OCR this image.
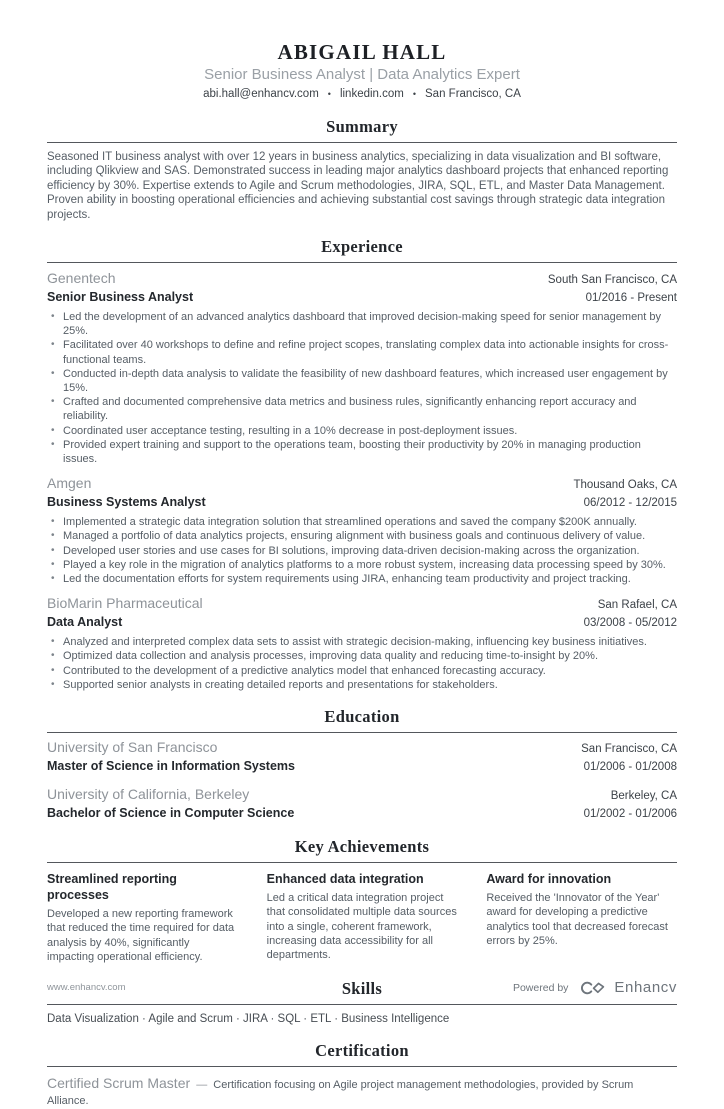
ABIGAIL HALL
Senior Business Analyst | Data Analytics Expert
abi.hall@enhancv.com • linkedin.com • San Francisco, CA
Summary

Seasoned IT business analyst with over 12 years in business analytics, specializing in data visualization and BI software, including Qlikview and SAS. Demonstrated success in leading major analytics dashboard projects that enhanced reporting efficiency by 30%. Expertise extends to Agile and Scrum methodologies, JIRA, SQL, ETL, and Master Data Management. Proven ability in boosting operational efficiencies and achieving substantial cost savings through strategic data integration projects.

Experience
Genentech	South San Francisco, CA
Senior Business Analyst	01/2016 - Present
• Led the development of an advanced analytics dashboard that improved decision-making speed for senior management by 25%.
• Facilitated over 40 workshops to define and refine project scopes, translating complex data into actionable insights for cross-functional teams.
• Conducted in-depth data analysis to validate the feasibility of new dashboard features, which increased user engagement by 15%.
• Crafted and documented comprehensive data metrics and business rules, significantly enhancing report accuracy and reliability.
• Coordinated user acceptance testing, resulting in a 10% decrease in post-deployment issues.
• Provided expert training and support to the operations team, boosting their productivity by 20% in managing production issues.
Amgen	Thousand Oaks, CA
Business Systems Analyst	06/2012 - 12/2015
• Implemented a strategic data integration solution that streamlined operations and saved the company $200K annually.
• Managed a portfolio of data analytics projects, ensuring alignment with business goals and continuous delivery of value.
• Developed user stories and use cases for BI solutions, improving data-driven decision-making across the organization.
• Played a key role in the migration of analytics platforms to a more robust system, increasing data processing speed by 30%.
• Led the documentation efforts for system requirements using JIRA, enhancing team productivity and project tracking.
BioMarin Pharmaceutical	San Rafael, CA
Data Analyst	03/2008 - 05/2012
• Analyzed and interpreted complex data sets to assist with strategic decision-making, influencing key business initiatives.
• Optimized data collection and analysis processes, improving data quality and reducing time-to-insight by 20%.
• Contributed to the development of a predictive analytics model that enhanced forecasting accuracy.
• Supported senior analysts in creating detailed reports and presentations for stakeholders.
Education
University of San Francisco	San Francisco, CA
Master of Science in Information Systems	01/2006 - 01/2008
University of California, Berkeley	Berkeley, CA
Bachelor of Science in Computer Science	01/2002 - 01/2006
Key Achievements
Streamlined reporting processes
Developed a new reporting framework that reduced the time required for data analysis by 40%, significantly impacting operational efficiency.
Enhanced data integration
Led a critical data integration project that consolidated multiple data sources into a single, coherent framework, increasing data accessibility for all departments.
Award for innovation
Received the 'Innovator of the Year' award for developing a predictive analytics tool that decreased forecast errors by 25%.
Skills
Data Visualization · Agile and Scrum · JIRA · SQL · ETL · Business Intelligence
Certification
Certified Scrum Master — Certification focusing on Agile project management methodologies, provided by Scrum Alliance.
www.enhancv.com	Powered by	Enhancv
